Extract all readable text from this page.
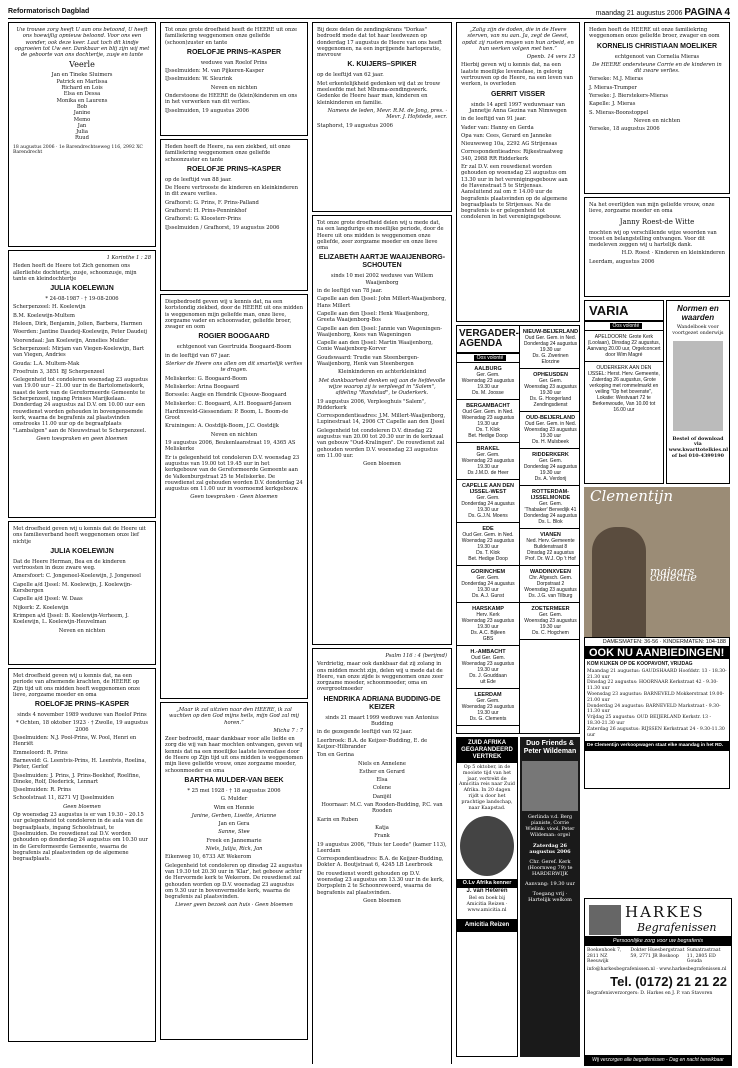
Reformatorisch Dagblad	maandag 21 augustus 2006 PAGINA 4

Uw trouwe zorg heeft U aan ons betoond, U heeft ons hoewijlig opnieuw beloond. Voor ons een wonder, ook deze keer. Laat toch dit kindje opgroeien tot Uw eer. Dankbaar en blij zijn wij met de geboorte van ons dochtertje, zusje en tante

Veerle
Jan en Tineke Sluimers
Patrick en Marlissa
Richard en Lois
Elsa en Dessa
Monika en Laurens
Bob
Janine
Memo
Jan
Julia
Ruud

18 augustus 2006 · 1e Barendrechtseweg 116, 2992 XC Barendrecht

1 Korinthe 1 : 28

Heden heeft de Heere tot Zich genomen ons allerliefste dochtertje, zusje, schoonzusje, mijn tante en kleindochtertje

JULIA KOELEWIJN

* 24-08-1987 · † 19-08-2006

Scherpenzeel: H. Koelewijn

B.M. Koelewijn-Multem

Heleen, Dirk, Benjamin, Jolien, Barbera, Harmen

Woerden: Jantine Daudeij-Koelewijn, Peter Daudeij

Voorendaal: Jan Koelewijn, Annelies Mulder

Scherpenzeel: Mirjam van Viegen-Koelewijn, Bart van Viegen, Andries

Gouda: L.A. Multem-Mak

Froefruin 3, 3851 BJ Scherpenzeel

Gelegenheid tot condoleren woensdag 23 augustus van 19.00 uur – 21.00 uur in de Bartolomeüskerk, naast de kerk van de Gereformeerde Gemeente te Scherpenzeel, ingang Prinses Marijkelaan. Donderdag 24 augustus zal D.V. om 10.00 uur een rouwdienst worden gehouden in bovengenoemde kerk, waarna de begrafenis zal plaatsvinden omstreeks 11.00 uur op de begraafplaats "Lambalgen" aan de Nieuwstraat te Scherpenzeel.

Geen toespraken en geen bloemen

Met droefheid geven wij u kennis dat de Heere uit ons familieverband heeft weggenomen onze lief nichtje

JULIA KOELEWIJN

Dat de Heere Herman, Bea en de kinderen vertroosten in deze zware weg.

Amersfoort: C. Jongeneel-Koelewijn, J. Jongeneel

Capelle a/d IJssel: M. Koelewijn, J. Koelewijn-Kersbergen

Capelle a/d IJssel: W. Daas

Nijkerk: Z. Koelewijn

Krimpen a/d IJssel: B. Koelewijn-Verheem, J. Koelewijn, L. Koelewijn-Heuvelman

Neven en nichten

Met droefheid geven wij u kennis dat, na een periode van afnemende krachten, de HEERE op Zijn tijd uit ons midden heeft weggenomen onze lieve, zorgzame moeder en oma

ROELOFJE PRINS–KASPER

sinds 4 november 1989 weduwe van Roelof Prins

* Ochten, 18 oktober 1923 · † Zwolle, 19 augustus 2006

IJsselmuiden: N.J. Pool-Prins, W. Pool, Henri en Henriët

Emmeloord: R. Prins

Barneveld: G. Leentvis-Prins, H. Leentvis, Roelina, Pieter, Gerlof

IJsselmuiden: J. Prins, J. Prins-Beekhof, Roelfine, Dineke, Rolf, Diederick, Lennart

IJsselmuiden: R. Prins

Schoolstraat 11, 8271 VJ IJsselmuiden

Geen bloemen

Op woensdag 23 augustus is er van 19.30 – 20.15 uur gelegenheid tot condoleren in de aula van de begraafplaats, ingang Schoolstraat, te IJsselmuiden. De rouwdienst zal D.V. worden gehouden op donderdag 24 augustus om 10.30 uur in de Gereformeerde Gemeente, waarna de begrafenis zal plaatsvinden op de algemene begraafplaats.

Tot onze grote droefheid heeft de HEERE uit onze familiekring weggenomen onze geliefde (schoon)zuster en tante

ROELOFJE PRINS–KASPER

weduwe van Roelof Prins

IJsselmuiden: M. van Pijkeren-Kasper

IJsselmuiden: W. Sleurink

Neven en nichten

Onderstoone de HEERE de (klein)kinderen en ons in het verwerken van dit verlies.

IJsselmuiden, 19 augustus 2006

Heden heeft de Heere, na een ziekbed, uit onze familiekring weggenomen onze geliefde schoonzuster en tante

ROELOFJE PRINS–KASPER

op de leeftijd van 88 jaar.

De Heere vertrooste de kinderen en kleinkinderen in dit zware verlies.

Grafhorst: G. Prins, F. Prins-Palland

Grafhorst: H. Prins-Penninkhof

Grafhorst: G. Kloosterr-Prins

IJsselmuiden / Grafhorst, 19 augustus 2006

Diepbedroefd geven wij u kennis dat, na een kortstondig ziekbed, door de HEERE uit ons midden is weggenomen mijn geliefde man, onze lieve, zorgzame vader en schoonvader, geliefde broer, zwager en oom

ROGIER BOOGAARD

echtgenoot van Geertruida Boogaard-Boom

in de leeftijd van 67 jaar.

Sterker de Heere ons allen om dit smartelijk verlies te dragen.

Meliskerke: G. Boogaard-Boom

Meliskerke: Arina Boogaard

Borssele: Aagje en Hendrik Cijsouw-Boogaard

Meliskerke: C. Boogaard, A.H. Boogaard-Jansen

Hardinxveld-Giessendam: P. Boom, L. Boom-de Groot

Kruiningen: A. Oostdijk-Boom, J.C. Oostdijk

Neven en nichten

19 augustus 2006, Beukenlaanstraat 19, 4365 AS Meliskerke

Er is gelegenheid tot condoleren D.V. woensdag 23 augustus van 19.00 tot 19.45 uur in het kerkgebouw van de Gereformeerde Gemeente aan de Valkenburgstraat 25 te Meliskerke. De rouwdienst zal gehouden worden D.V. donderdag 24 augustus om 11.00 uur in voornoemd kerkgebouw.

Geen toespraken · Geen bloemen

„Maar ik zal uitzien naar den HEERE, ik zal wachten op den God mijns heils, mijn God zal mij horen.”

Micha 7 : 7

Zeer bedroefd, maar dankbaar voor alle liefde en zorg die wij van haar mochten ontvangen, geven wij kennis dat na een moeilijke laatste levensfase door de Heere op Zijn tijd uit ons midden is weggenomen mijn lieve geliefde vrouw, onze zorgzame moeder, schoonmoeder en oma

BARTHA MULDER-VAN BEEK

* 25 mei 1928 · † 18 augustus 2006

G. Mulder

Wim en Hennie

Janine, Gerben, Lisette, Arianne

Jan en Gera

Sanne, Stee

Freek en Jannemarie

Niels, Julija, Rick, Jan

Eikenweg 10, 6733 AE Wekerom

Gelegenheid tot condoleren op dinsdag 22 augustus van 19.30 tot 20.30 uur in 'Klar', het gebouw achter de Hervormde kerk te Wekerom. De rouwdienst zal gehouden worden op D.V. woensdag 23 augustus om 9.30 uur in bovenvermelde kerk, waarna de begrafenis zal plaatsvinden.

Liever geen bezoek aan huis · Geen bloemen

Bij deze delen de zendingskrans "Dorkas" bedroefd mede dat tot haar leedwezen op donderdag 17 augustus de Heere van ons heeft weggenomen, na een ingrijpende hartoperatie, mevrouw

K. KUIJERS–SPIKER

op de leeftijd van 62 jaar.

Met erkentelijkheid gedenken wij dat ze trouw meeleefde met het Mbuma-zendingswerk. Gedenke de Heere haar man, kinderen en kleinkinderen en familie.

Namens de leden, Mevr. R.M. de Jong, pres. · Mevr. J. Hofstede, secr.

Staphorst, 19 augustus 2006

Tot onze grote droefheid delen wij u mede dat, na een langdurige en moeilijke periode, door de Heere uit ons midden is weggenomen onze geliefde, zeer zorgzame moeder en onze lieve oma

ELIZABETH AARTJE WAAIJENBORG-SCHOUTEN

sinds 10 mei 2002 weduwe van Willem Waaijenborg

in de leeftijd van 78 jaar.

Capelle aan den IJssel: John Millert-Waaijenborg, Hans Millert

Capelle aan den IJssel: Henk Waaijenborg, Greeta Waaijenborg-Bos

Capelle aan den IJssel: Jannie van Wageningen-Waaijenborg, Kees van Wageningen

Capelle aan den IJssel: Martin Waaijenborg, Conie Waaijenborg-Korver

Goudswaard: Trudie van Steenbergen-Waaijenborg, Henk van Steenbergen

Kleinkinderen en achterkleinkind

Met dankbaarheid denken wij aan de liefdevolle wijze waarop zij is verpleegd in "Salem", afdeling "Randstad", te Ouderkerk.

19 augustus 2006, Verpleeghuis "Salem", Ridderkerk

Correspondentieadres: J.M. Millert-Waaijenborg, Lupinestraat 14, 2906 CT Capelle aan den IJssel

Gelegenheid tot condoleren D.V. dinsdag 22 augustus van 20.00 tot 20.30 uur in de kerkzaal van gebouw "Oud-Kralingen". De rouwdienst zal gehouden worden D.V. woensdag 23 augustus om 11.00 uur.

Geen bloemen

Psalm 116 : 4 (berijmd)

Verdrietig, maar ook dankbaar dat zij zolang in ons midden mocht zijn, delen wij u mede dat de Heere, van onze zijde is weggenomen onze zeer zorgzame moeder, schoonmoeder, oma en overgrootmoeder

HENDRIKA ADRIANA BUDDING-DE KEIZER

sinds 21 maart 1999 weduwe van Antonius Budding

in de gezegende leeftijd van 92 jaar.

Leerbroek: B.A. de Keijzer-Budding, E. de Keijzer-Hilbrander

Ton en Gerina

Niels en Annelene

Esther en Gerard

Elsa

Colene

Danijël

Hoornaar: M.C. van Rooden-Budding, P.C. van Rooden

Karin en Ruben

Katja

Frank

19 augustus 2006, "Huis ter Leede" (kamer 113), Leerdam

Correspondentieadres: B.A. de Keijzer-Budding, Dokter A. Boutjstraat 6, 4245 LB Leerbroek

De rouwdienst wordt gehouden op D.V. woensdag 23 augustus om 13.30 uur in de kerk, Dorpsplein 2 te Schoonrewoerd, waarna de begrafenis zal plaatsvinden.

Geen bloemen

„Zalig zijn de doden, die in de Heere sterven, van nu aan. Ja, zegt de Geest, opdat zij rusten mogen van hun arbeid, en hun werken volgen met hen.”

Openb. 14 vers 13

Hierbij geven wij u kennis dat, na een laatste moeilijke levensfase, in gelovig vertrouwen op de Heere, na een leven van werken, is overleden

GERRIT VISSER

sinds 14 april 1997 weduwnaar van Jannetje Anna Gezina van Nimwegen

in de leeftijd van 91 jaar.

Vader van: Hanny en Gerda

Opa van: Cees, Gerard en Janneke

Nieuweweg 10a, 2292 AG Strijensas

Correspondentieadres: Rijkestraatweg 340, 2988 RR Ridderkerk

Er zal D.V. een rouwdienst worden gehouden op woensdag 23 augustus om 13.30 uur in het verenigingsgebouw aan de Havenstraat 5 te Strijensas. Aansluitend zal om ± 14.00 uur de begrafenis plaatsvinden op de algemene begraafplaats te Strijensas. Na de begrafenis is er gelegenheid tot condoleren in het verenigingsgebouw.

VERGADER-AGENDA
Oos volonté
AALBURG
Ger. Gem.
Woensdag 23 augustus
19.30 uur
Ds. M. Joosse
BERGAMBACHT
Oud Ger. Gem. in Ned.
Woensdag 23 augustus
19.30 uur
Ds. T. Klok
Bet. Hedige Doop
BRAKEL
Ger. Gem.
Woensdag 23 augustus
19.30 uur
Ds J.M.D. de Heer
CAPELLE AAN DEN IJSSEL-WEST
Ger. Gem.
Donderdag 24 augustus
19.30 uur
Ds. G.J.N. Moens
EDE
Oud Ger. Gem. in Ned.
Woensdag 23 augustus
19.30 uur
Ds. T. Klok
Bet. Hedige Doop
GORINCHEM
Ger. Gem.
Donderdag 24 augustus
19.30 uur
Ds. A.J. Gunst
HARSKAMP
Herv. Kerk
Woensdag 23 augustus
19.30 uur
Ds. A.C. Bijleen
GBS
H.-AMBACHT
Oud Ger. Gem.
Woensdag 23 augustus
19.30 uur
Ds. J. Gouddaan
uit Ede
LEERDAM
Ger. Gem.
Woensdag 23 augustus
19.30 uur
Ds. G. Clements
NIEUW-BEIJERLAND
Oud Ger. Gem. in Ned.
Donderdag 24 augustus
19.30 uur
Ds. G. Zwerinen
Elorzine
OPHEUSDEN
Ger. Gem.
Woensdag 23 augustus
19.30 uur
Ds. G. Hoogerland
Zendingsdienst
OUD-BEIJERLAND
Oud Ger. Gem. in Ned.
Woensdag 23 augustus
19.30 uur
Ds. H. Mulsbeek
RIDDERKERK
Ger. Gem.
Donderdag 24 augustus
19.30 uur
Ds. A. Verdorij
ROTTERDAM-IJSSELMONDE
Ger. Gem.
'Thabaker' Bervedijk 41
Donderdag 24 augustus
Ds. L. Blok
VIANEN
Ned. Herv. Gemeente
Buildenstraat 8
Dinsdag 22 augustus
Prof. Dr. W.J. Op 't Hof
WADDINXVEEN
Chr. Afgesch. Gem.
Dorpstraat 2
Woensdag 23 augustus
Ds. J.G. van Tilburg
ZOETERMEER
Ger. Gem.
Woensdag 23 augustus
19.30 uur
Ds. C. Hogchem
ZUID AFRIKA GEGARANDEERD VERTREK
Op 5 oktober, in de mooiste tijd van het jaar, vertrekt de Amicitia reis naar Zuid Afrika. In 20 dagen rijdt u door het prachtige landschap, naar Kaapstad.
O.Lv Afrika kenner
J. van Heteren
Bel en boek bij Amicitia Reizen · www.amicitia.nl
Amicitia Reizen
Duo Friends & Peter Wildeman
Gerlinda v.d. Berg pianiste, Corrie Wielink: viool, Peter Wildeman: orgel
Zaterdag 26 augustus 2006
Chr. Geref. Kerk (Hoornweg 79) te HARDERWIJK
Aanvang: 19.30 uur
Toegang vrij · Hartelijk welkom

Heden heeft de HEERE uit onze familiekring weggenomen onze geliefde broer, zwager en oom

KORNELIS CHRISTIAAN MOELIKER

echtgenoot van Cornelia Mieras

De HEERE ondersteune Corrie en de kinderen in dit zware verlies.

Yerseke: M.J. Mieras

J. Mieras-Trumper

Yerseke: J. Bierstekers-Mieras

Kapelle: J. Mieras

S. Mieras-Boonstoppel

Neven en nichten

Yerseke, 18 augustus 2006

Na het overlijden van mijn geliefde vrouw, onze lieve, zorgzame moeder en oma

Janny Roest-de Witte

mochten wij op verschillende wijze woorden van troost en belangstelling ontvangen. Voor dit medeleven zeggen wij u hartelijk dank.

H.D. Roest · Kinderen en kleinkinderen

Leerdam, augustus 2006

VARIA
Oos volonté
APELDOORN: Grote Kerk (Loolaan), Dinsdag 22 augustus, Aanvang 20.00 uur, Orgelconcert door Wim Magré
OUDERKERK AAN DEN IJSSEL: Herst. Herv. Gemeente, Zaterdag 26 augustus, Grote verkoping met rommelmarkt en veiling "Op het bovenste", Lokatie: Westvaart 72 te Berkenwoude, Van 10.00 tot 16.00 uur
Normen en waarden
Wandelboek voor voortgezet onderwijs
Bestel of download via www.kwarttotelkies.nl of bel 010-4399190
Clementijn
majaars collectie
DAMESMATEN: 36-56 · KINDERMATEN: 104-188
OOK NU AANBIEDINGEN!
KOM KIJKEN OP DE KOOPAVONT, VRIJDAG
Maandag 21 augustus: GAUDSHAARD Hoofdstr. 13 - 18.30-21.30 uur
Dinsdag 22 augustus: HOORNAAR Kerkstraat 42 - 9.30-11.30 uur
Woensdag 23 augustus: BARNEVELD Mokkerstraat 19.00-21.00 uur
Donderdag 24 augustus: BARNEVELD Markstraat - 9.30-11.30 uur
Vrijdag 25 augustus: OUD BEIJERLAND Kerkstr. 13 - 18.30-21.30 uur
Zaterdag 26 augustus: RIJSSEN Kerkstraat 24 - 9.30-11.30 uur
De Clementijn verkoopwagen staat elke maandag in het RD.
HARKES
Begrafenissen
Persoonlijke zorg voor uw begrafenis
Boekenhoek 7, 2811 NZ Reeuwijk
Dokter Huesbergstraat 59, 2771 JR Boskoop
Sumatrastraat 11, 2805 ED Gouda
info@harkesbegrafenissen.nl · www.harkesbegrafenissen.nl
Tel. (0172) 21 21 22
Begrafenisverzorgers: D. Harkes en J. P. van Stavoren
Wij verzorgen alle begrafenissen - Dag en nacht bereikbaar
